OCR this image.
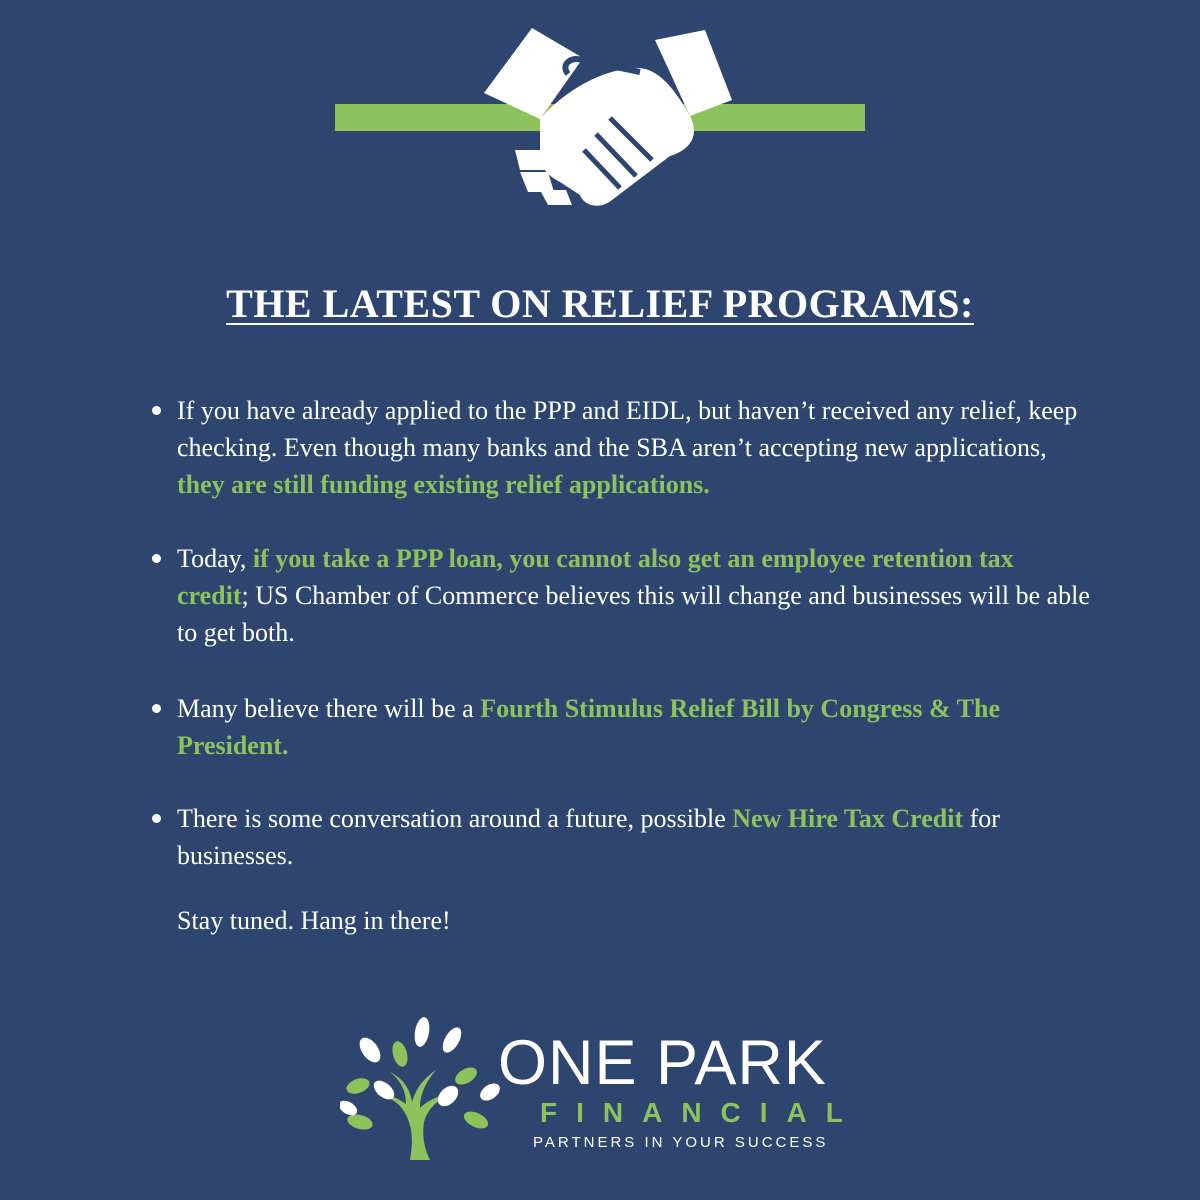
THE LATEST ON RELIEF PROGRAMS:
If you have already applied to the PPP and EIDL, but haven’t received any relief, keep checking. Even though many banks and the SBA aren’t accepting new applications, they are still funding existing relief applications.
Today, if you take a PPP loan, you cannot also get an employee retention tax credit; US Chamber of Commerce believes this will change and businesses will be able to get both.
Many believe there will be a Fourth Stimulus Relief Bill by Congress & The President.
There is some conversation around a future, possible New Hire Tax Credit for businesses.
Stay tuned. Hang in there!
ONE PARK
FINANCIAL
PARTNERS IN YOUR SUCCESS
